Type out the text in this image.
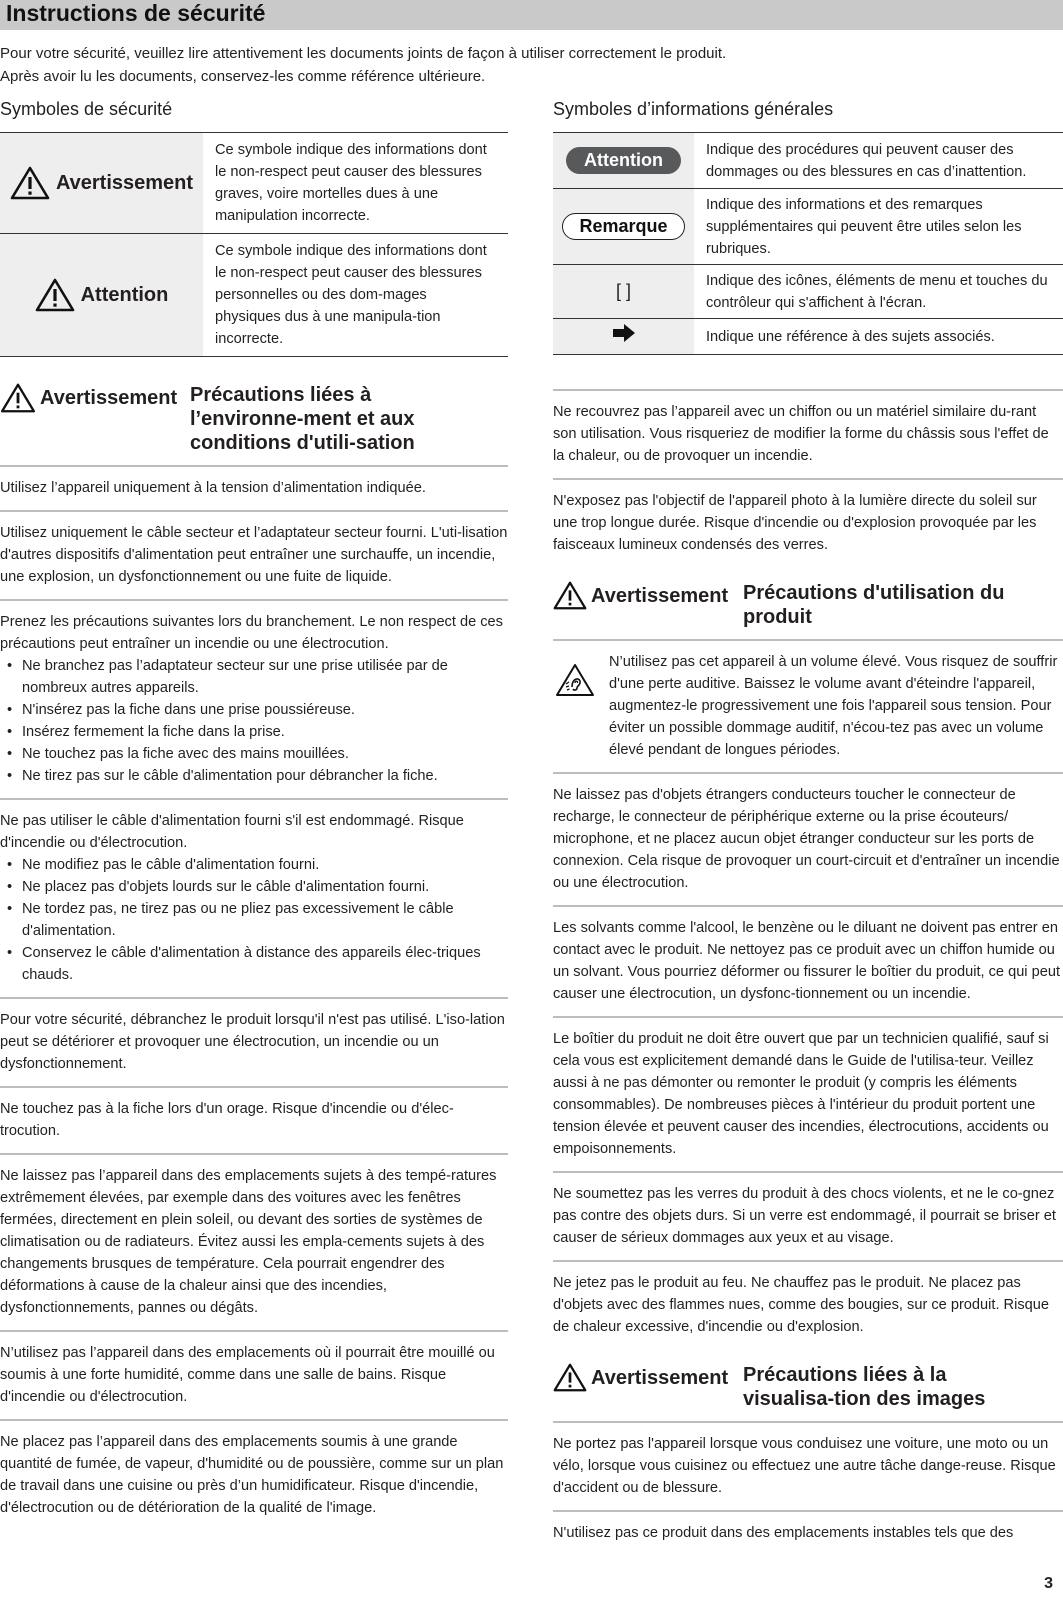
Instructions de sécurité

Pour votre sécurité, veuillez lire attentivement les documents joints de façon à utiliser correctement le produit.

Après avoir lu les documents, conservez-les comme référence ultérieure.

Symboles de sécurité
Avertissement	Ce symbole indique des informations dont le non-respect peut causer des blessures graves, voire mortelles dues à une manipulation incorrecte.

Attention	Ce symbole indique des informations dont le non-respect peut causer des blessures personnelles ou des dom-mages physiques dus à une manipula-tion incorrecte.
Avertissement Précautions liées à l’environne-ment et aux conditions d'utili-sation

Utilisez l’appareil uniquement à la tension d’alimentation indiquée.

Utilisez uniquement le câble secteur et l’adaptateur secteur fourni. L'uti-lisation d'autres dispositifs d'alimentation peut entraîner une surchauffe, un incendie, une explosion, un dysfonctionnement ou une fuite de liquide.

Prenez les précautions suivantes lors du branchement. Le non respect de ces précautions peut entraîner un incendie ou une électrocution.

• Ne branchez pas l’adaptateur secteur sur une prise utilisée par de nombreux autres appareils.
• N'insérez pas la fiche dans une prise poussiéreuse.
• Insérez fermement la fiche dans la prise.
• Ne touchez pas la fiche avec des mains mouillées.
• Ne tirez pas sur le câble d'alimentation pour débrancher la fiche.

Ne pas utiliser le câble d'alimentation fourni s'il est endommagé. Risque d'incendie ou d'électrocution.

• Ne modifiez pas le câble d'alimentation fourni.
• Ne placez pas d'objets lourds sur le câble d'alimentation fourni.
• Ne tordez pas, ne tirez pas ou ne pliez pas excessivement le câble d'alimentation.
• Conservez le câble d'alimentation à distance des appareils élec-triques chauds.

Pour votre sécurité, débranchez le produit lorsqu'il n'est pas utilisé. L'iso-lation peut se détériorer et provoquer une électrocution, un incendie ou un dysfonctionnement.

Ne touchez pas à la fiche lors d'un orage. Risque d'incendie ou d'élec-trocution.

Ne laissez pas l’appareil dans des emplacements sujets à des tempé-ratures extrêmement élevées, par exemple dans des voitures avec les fenêtres fermées, directement en plein soleil, ou devant des sorties de systèmes de climatisation ou de radiateurs. Évitez aussi les empla-cements sujets à des changements brusques de température. Cela pourrait engendrer des déformations à cause de la chaleur ainsi que des incendies, dysfonctionnements, pannes ou dégâts.

N’utilisez pas l’appareil dans des emplacements où il pourrait être mouillé ou soumis à une forte humidité, comme dans une salle de bains. Risque d'incendie ou d'électrocution.

Ne placez pas l’appareil dans des emplacements soumis à une grande quantité de fumée, de vapeur, d'humidité ou de poussière, comme sur un plan de travail dans une cuisine ou près d’un humidificateur. Risque d'incendie, d'électrocution ou de détérioration de la qualité de l'image.

Symboles d’informations générales
Attention	Indique des procédures qui peuvent causer des dommages ou des blessures en cas d’inattention.
Remarque	Indique des informations et des remarques supplémentaires qui peuvent être utiles selon les rubriques.
[ ]	Indique des icônes, éléments de menu et touches du contrôleur qui s'affichent à l'écran.
	Indique une référence à des sujets associés.

Ne recouvrez pas l’appareil avec un chiffon ou un matériel similaire du-rant son utilisation. Vous risqueriez de modifier la forme du châssis sous l'effet de la chaleur, ou de provoquer un incendie.

N'exposez pas l'objectif de l'appareil photo à la lumière directe du soleil sur une trop longue durée. Risque d'incendie ou d'explosion provoquée par les faisceaux lumineux condensés des verres.

Avertissement Précautions d'utilisation du produit

N’utilisez pas cet appareil à un volume élevé. Vous risquez de souffrir d'une perte auditive. Baissez le volume avant d'éteindre l'appareil, augmentez-le progressivement une fois l'appareil sous tension. Pour éviter un possible dommage auditif, n'écou-tez pas avec un volume élevé pendant de longues périodes.

Ne laissez pas d'objets étrangers conducteurs toucher le connecteur de recharge, le connecteur de périphérique externe ou la prise écouteurs/ microphone, et ne placez aucun objet étranger conducteur sur les ports de connexion. Cela risque de provoquer un court-circuit et d'entraîner un incendie ou une électrocution.

Les solvants comme l'alcool, le benzène ou le diluant ne doivent pas entrer en contact avec le produit. Ne nettoyez pas ce produit avec un chiffon humide ou un solvant. Vous pourriez déformer ou fissurer le boîtier du produit, ce qui peut causer une électrocution, un dysfonc-tionnement ou un incendie.

Le boîtier du produit ne doit être ouvert que par un technicien qualifié, sauf si cela vous est explicitement demandé dans le Guide de l'utilisa-teur. Veillez aussi à ne pas démonter ou remonter le produit (y compris les éléments consommables). De nombreuses pièces à l'intérieur du produit portent une tension élevée et peuvent causer des incendies, électrocutions, accidents ou empoisonnements.

Ne soumettez pas les verres du produit à des chocs violents, et ne le co-gnez pas contre des objets durs. Si un verre est endommagé, il pourrait se briser et causer de sérieux dommages aux yeux et au visage.

Ne jetez pas le produit au feu. Ne chauffez pas le produit. Ne placez pas d'objets avec des flammes nues, comme des bougies, sur ce produit. Risque de chaleur excessive, d'incendie ou d'explosion.

Avertissement Précautions liées à la visualisa-tion des images

Ne portez pas l'appareil lorsque vous conduisez une voiture, une moto ou un vélo, lorsque vous cuisinez ou effectuez une autre tâche dange-reuse. Risque d'accident ou de blessure.

N'utilisez pas ce produit dans des emplacements instables tels que des

3
